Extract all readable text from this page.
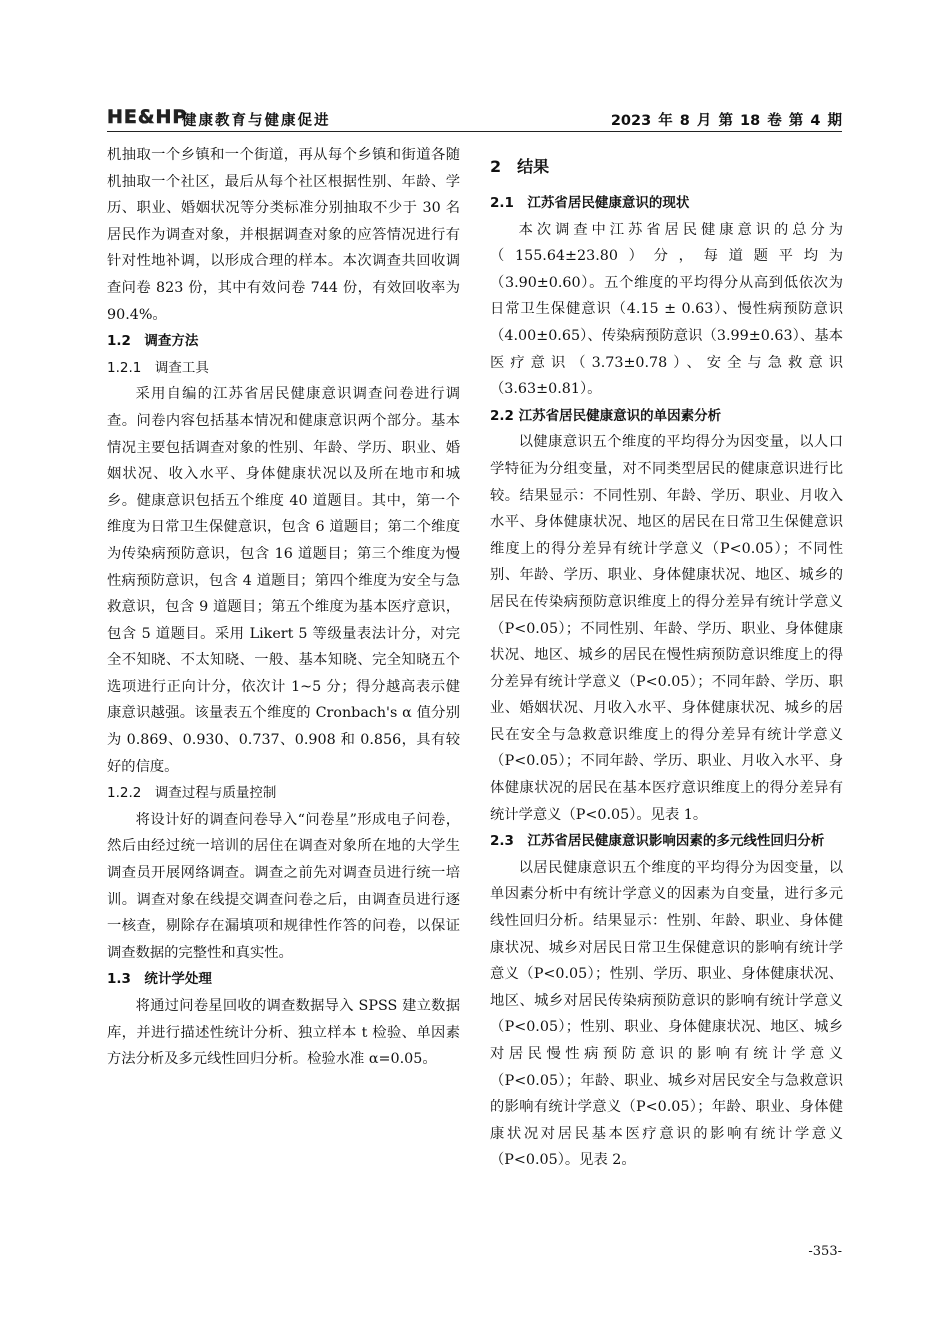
HE&HP
健康教育与健康促进	2023 年 8 月 第 18 卷 第 4 期

机抽取一个乡镇和一个街道，再从每个乡镇和街道各随机抽取一个社区，最后从每个社区根据性别、年龄、学历、职业、婚姻状况等分类标准分别抽取不少于 30 名居民作为调查对象，并根据调查对象的应答情况进行有针对性地补调，以形成合理的样本。本次调查共回收调查问卷 823 份，其中有效问卷 744 份，有效回收率为 90.4%。

1.2　调查方法

1.2.1　调查工具

采用自编的江苏省居民健康意识调查问卷进行调查。问卷内容包括基本情况和健康意识两个部分。基本情况主要包括调查对象的性别、年龄、学历、职业、婚姻状况、收入水平、身体健康状况以及所在地市和城乡。健康意识包括五个维度 40 道题目。其中，第一个维度为日常卫生保健意识，包含 6 道题目；第二个维度为传染病预防意识，包含 16 道题目；第三个维度为慢性病预防意识，包含 4 道题目；第四个维度为安全与急救意识，包含 9 道题目；第五个维度为基本医疗意识，包含 5 道题目。采用 Likert 5 等级量表法计分，对完全不知晓、不太知晓、一般、基本知晓、完全知晓五个选项进行正向计分，依次计 1~5 分；得分越高表示健康意识越强。该量表五个维度的 Cronbach's α 值分别为 0.869、0.930、0.737、0.908 和 0.856，具有较好的信度。

1.2.2　调查过程与质量控制

将设计好的调查问卷导入“问卷星”形成电子问卷，然后由经过统一培训的居住在调查对象所在地的大学生调查员开展网络调查。调查之前先对调查员进行统一培训。调查对象在线提交调查问卷之后，由调查员进行逐一核查，剔除存在漏填项和规律性作答的问卷，以保证调查数据的完整性和真实性。

1.3　统计学处理

将通过问卷星回收的调查数据导入 SPSS 建立数据库，并进行描述性统计分析、独立样本 t 检验、单因素方法分析及多元线性回归分析。检验水准 α=0.05。

2　结果

2.1　江苏省居民健康意识的现状

本次调查中江苏省居民健康意识的总分为（155.64±23.80）分，每道题平均为（3.90±0.60）。五个维度的平均得分从高到低依次为日常卫生保健意识（4.15 ± 0.63）、慢性病预防意识（4.00±0.65）、传染病预防意识（3.99±0.63）、基本医疗意识（3.73±0.78）、安全与急救意识（3.63±0.81）。

2.2 江苏省居民健康意识的单因素分析

以健康意识五个维度的平均得分为因变量，以人口学特征为分组变量，对不同类型居民的健康意识进行比较。结果显示：不同性别、年龄、学历、职业、月收入水平、身体健康状况、地区的居民在日常卫生保健意识维度上的得分差异有统计学意义（P<0.05）；不同性别、年龄、学历、职业、身体健康状况、地区、城乡的居民在传染病预防意识维度上的得分差异有统计学意义（P<0.05）；不同性别、年龄、学历、职业、身体健康状况、地区、城乡的居民在慢性病预防意识维度上的得分差异有统计学意义（P<0.05）；不同年龄、学历、职业、婚姻状况、月收入水平、身体健康状况、城乡的居民在安全与急救意识维度上的得分差异有统计学意义（P<0.05）；不同年龄、学历、职业、月收入水平、身体健康状况的居民在基本医疗意识维度上的得分差异有统计学意义（P<0.05）。见表 1。

2.3　江苏省居民健康意识影响因素的多元线性回归分析

以居民健康意识五个维度的平均得分为因变量，以单因素分析中有统计学意义的因素为自变量，进行多元线性回归分析。结果显示：性别、年龄、职业、身体健康状况、城乡对居民日常卫生保健意识的影响有统计学意义（P<0.05）；性别、学历、职业、身体健康状况、地区、城乡对居民传染病预防意识的影响有统计学意义（P<0.05）；性别、职业、身体健康状况、地区、城乡对居民慢性病预防意识的影响有统计学意义（P<0.05）；年龄、职业、城乡对居民安全与急救意识的影响有统计学意义（P<0.05）；年龄、职业、身体健康状况对居民基本医疗意识的影响有统计学意义（P<0.05）。见表 2。

-353-
